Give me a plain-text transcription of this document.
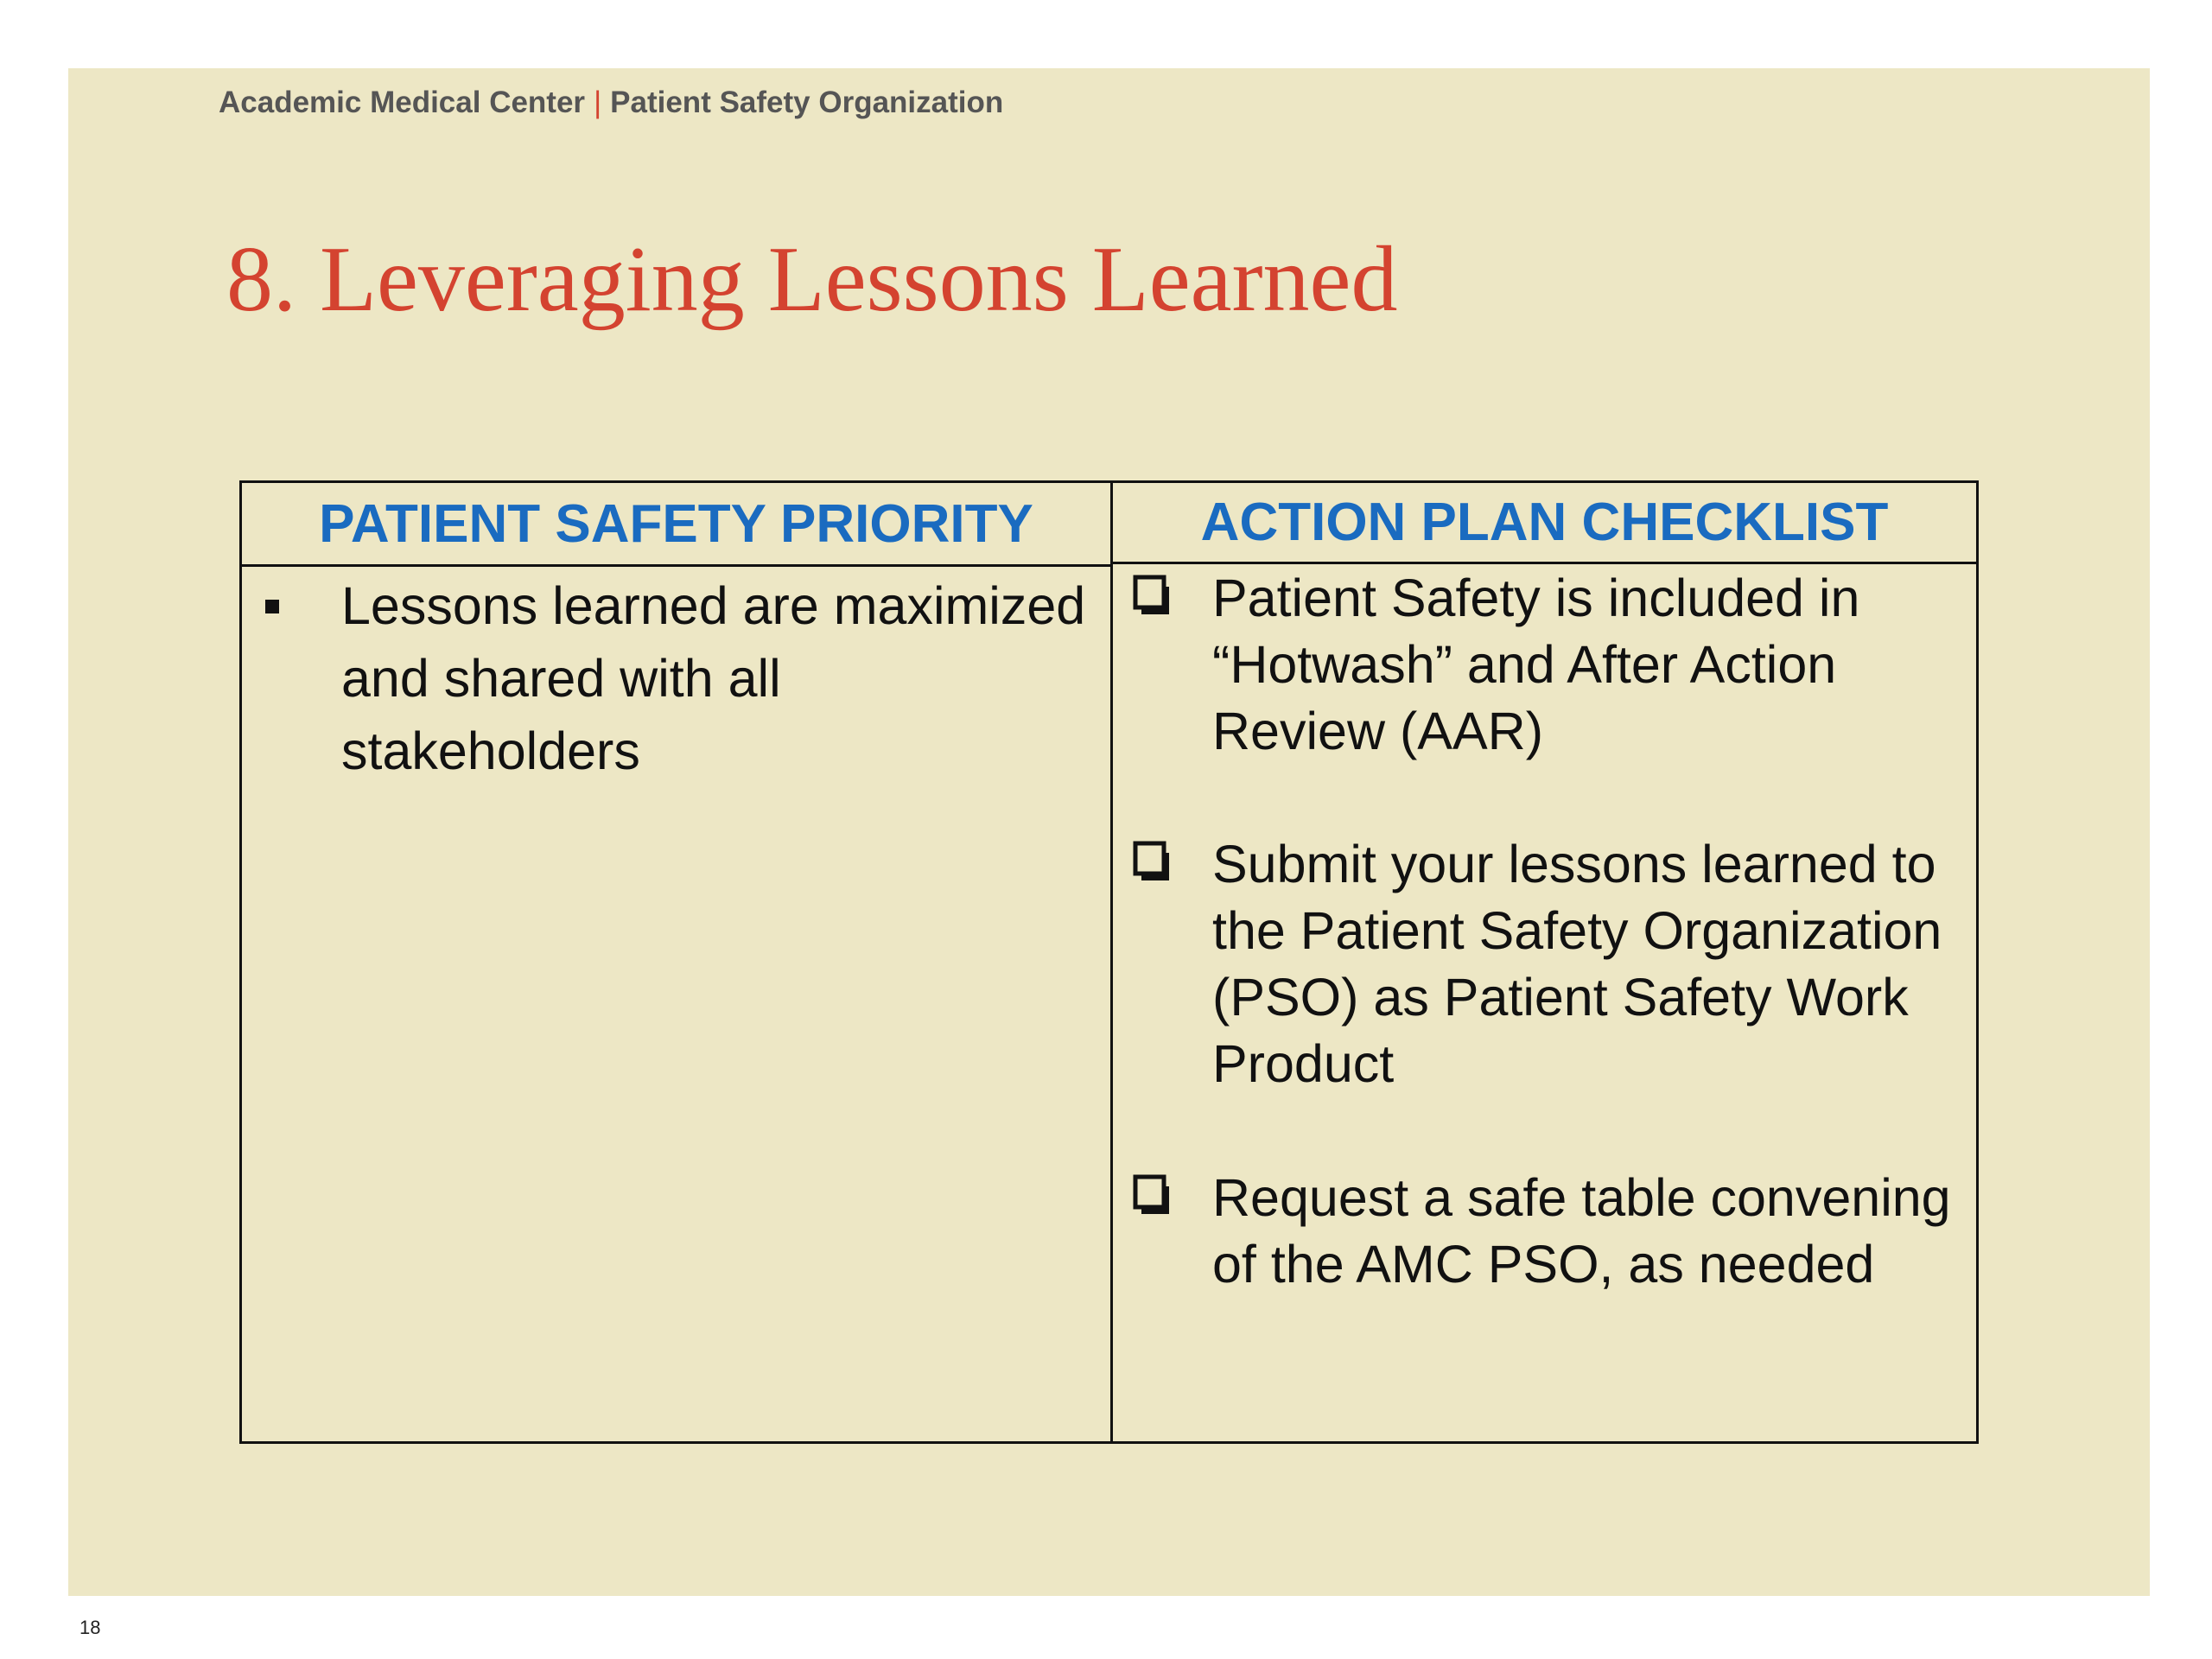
Academic Medical Center | Patient Safety Organization
8. Leveraging Lessons Learned
PATIENT SAFETY PRIORITY
Lessons learned are maximized and shared with all stakeholders
ACTION PLAN CHECKLIST
Patient Safety is included in “Hotwash” and After Action Review (AAR)
Submit your lessons learned to the Patient Safety Organization (PSO) as Patient Safety Work Product
Request a safe table convening of the AMC PSO, as needed
18
